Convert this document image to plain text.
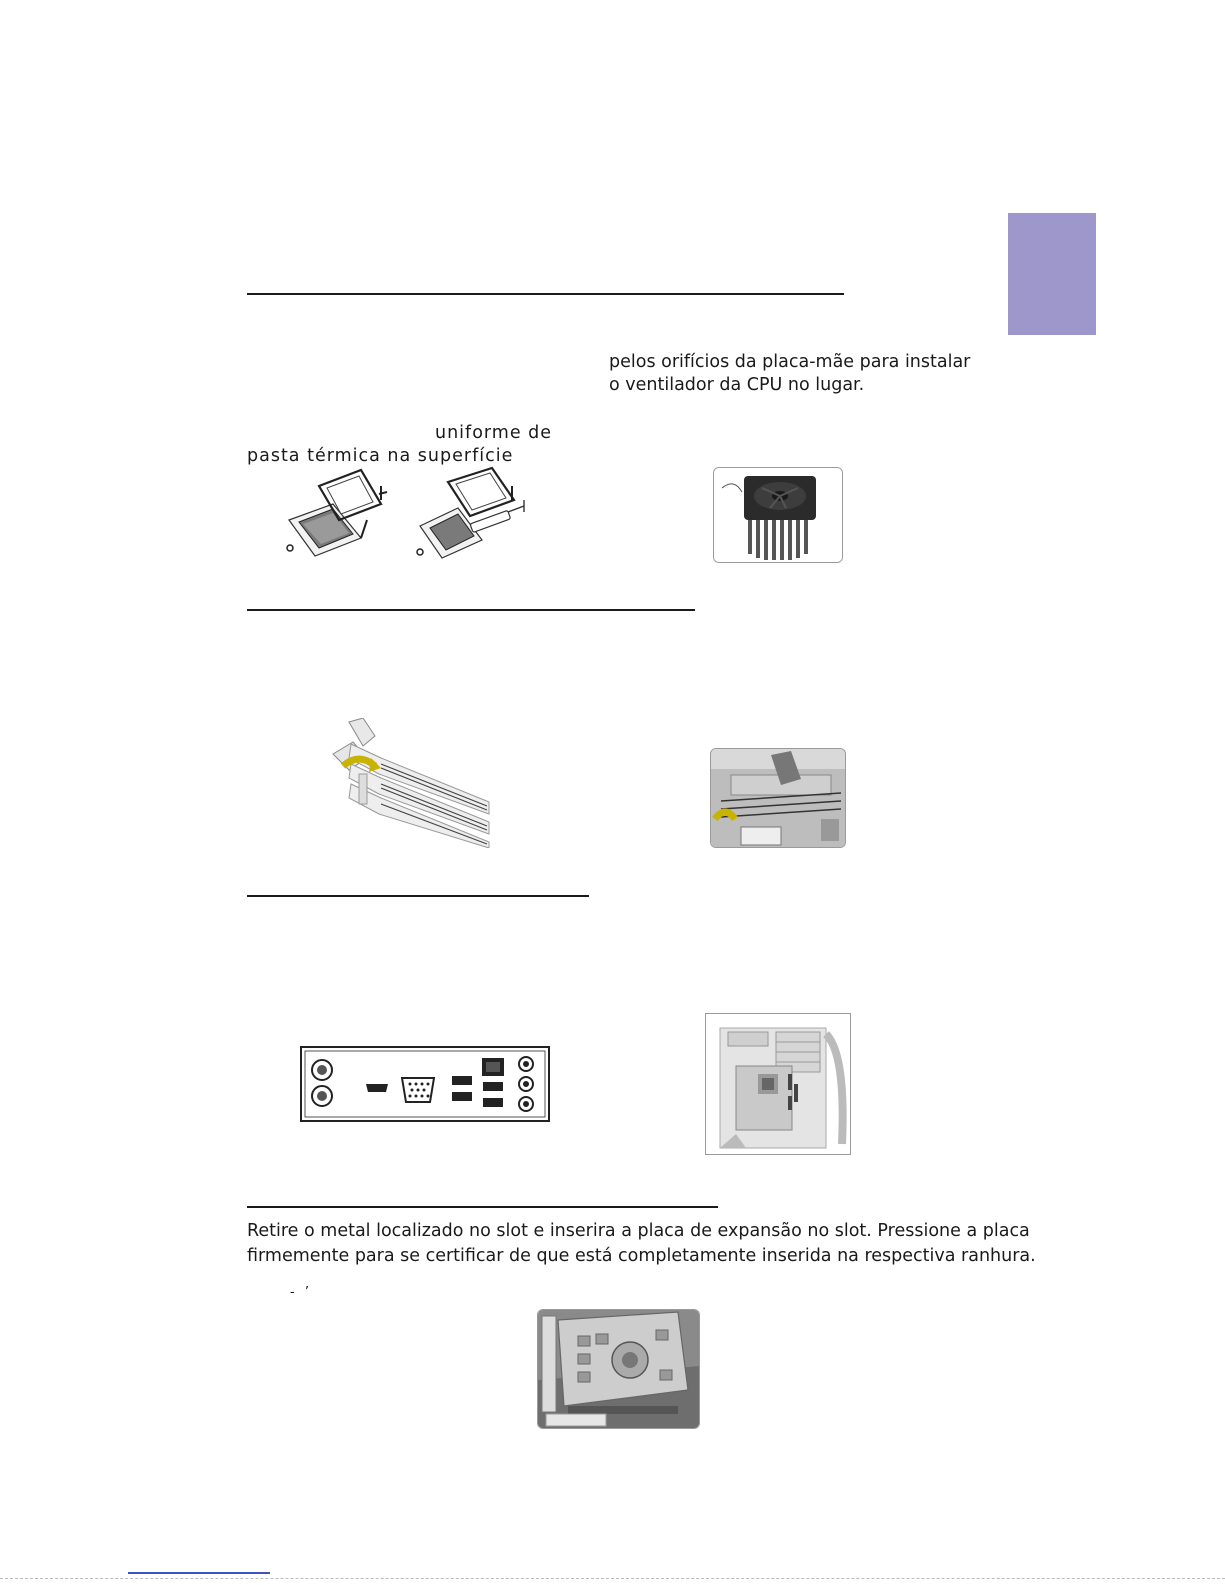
pelos orifícios da placa-mãe para instalar
o ventilador da CPU no lugar.
uniforme de
pasta térmica na superfície
Retire o metal localizado no slot e inserira a placa de expansão no slot. Pressione a placa
firmemente para se certificar de que está completamente inserida na respectiva ranhura.
‐ ’
